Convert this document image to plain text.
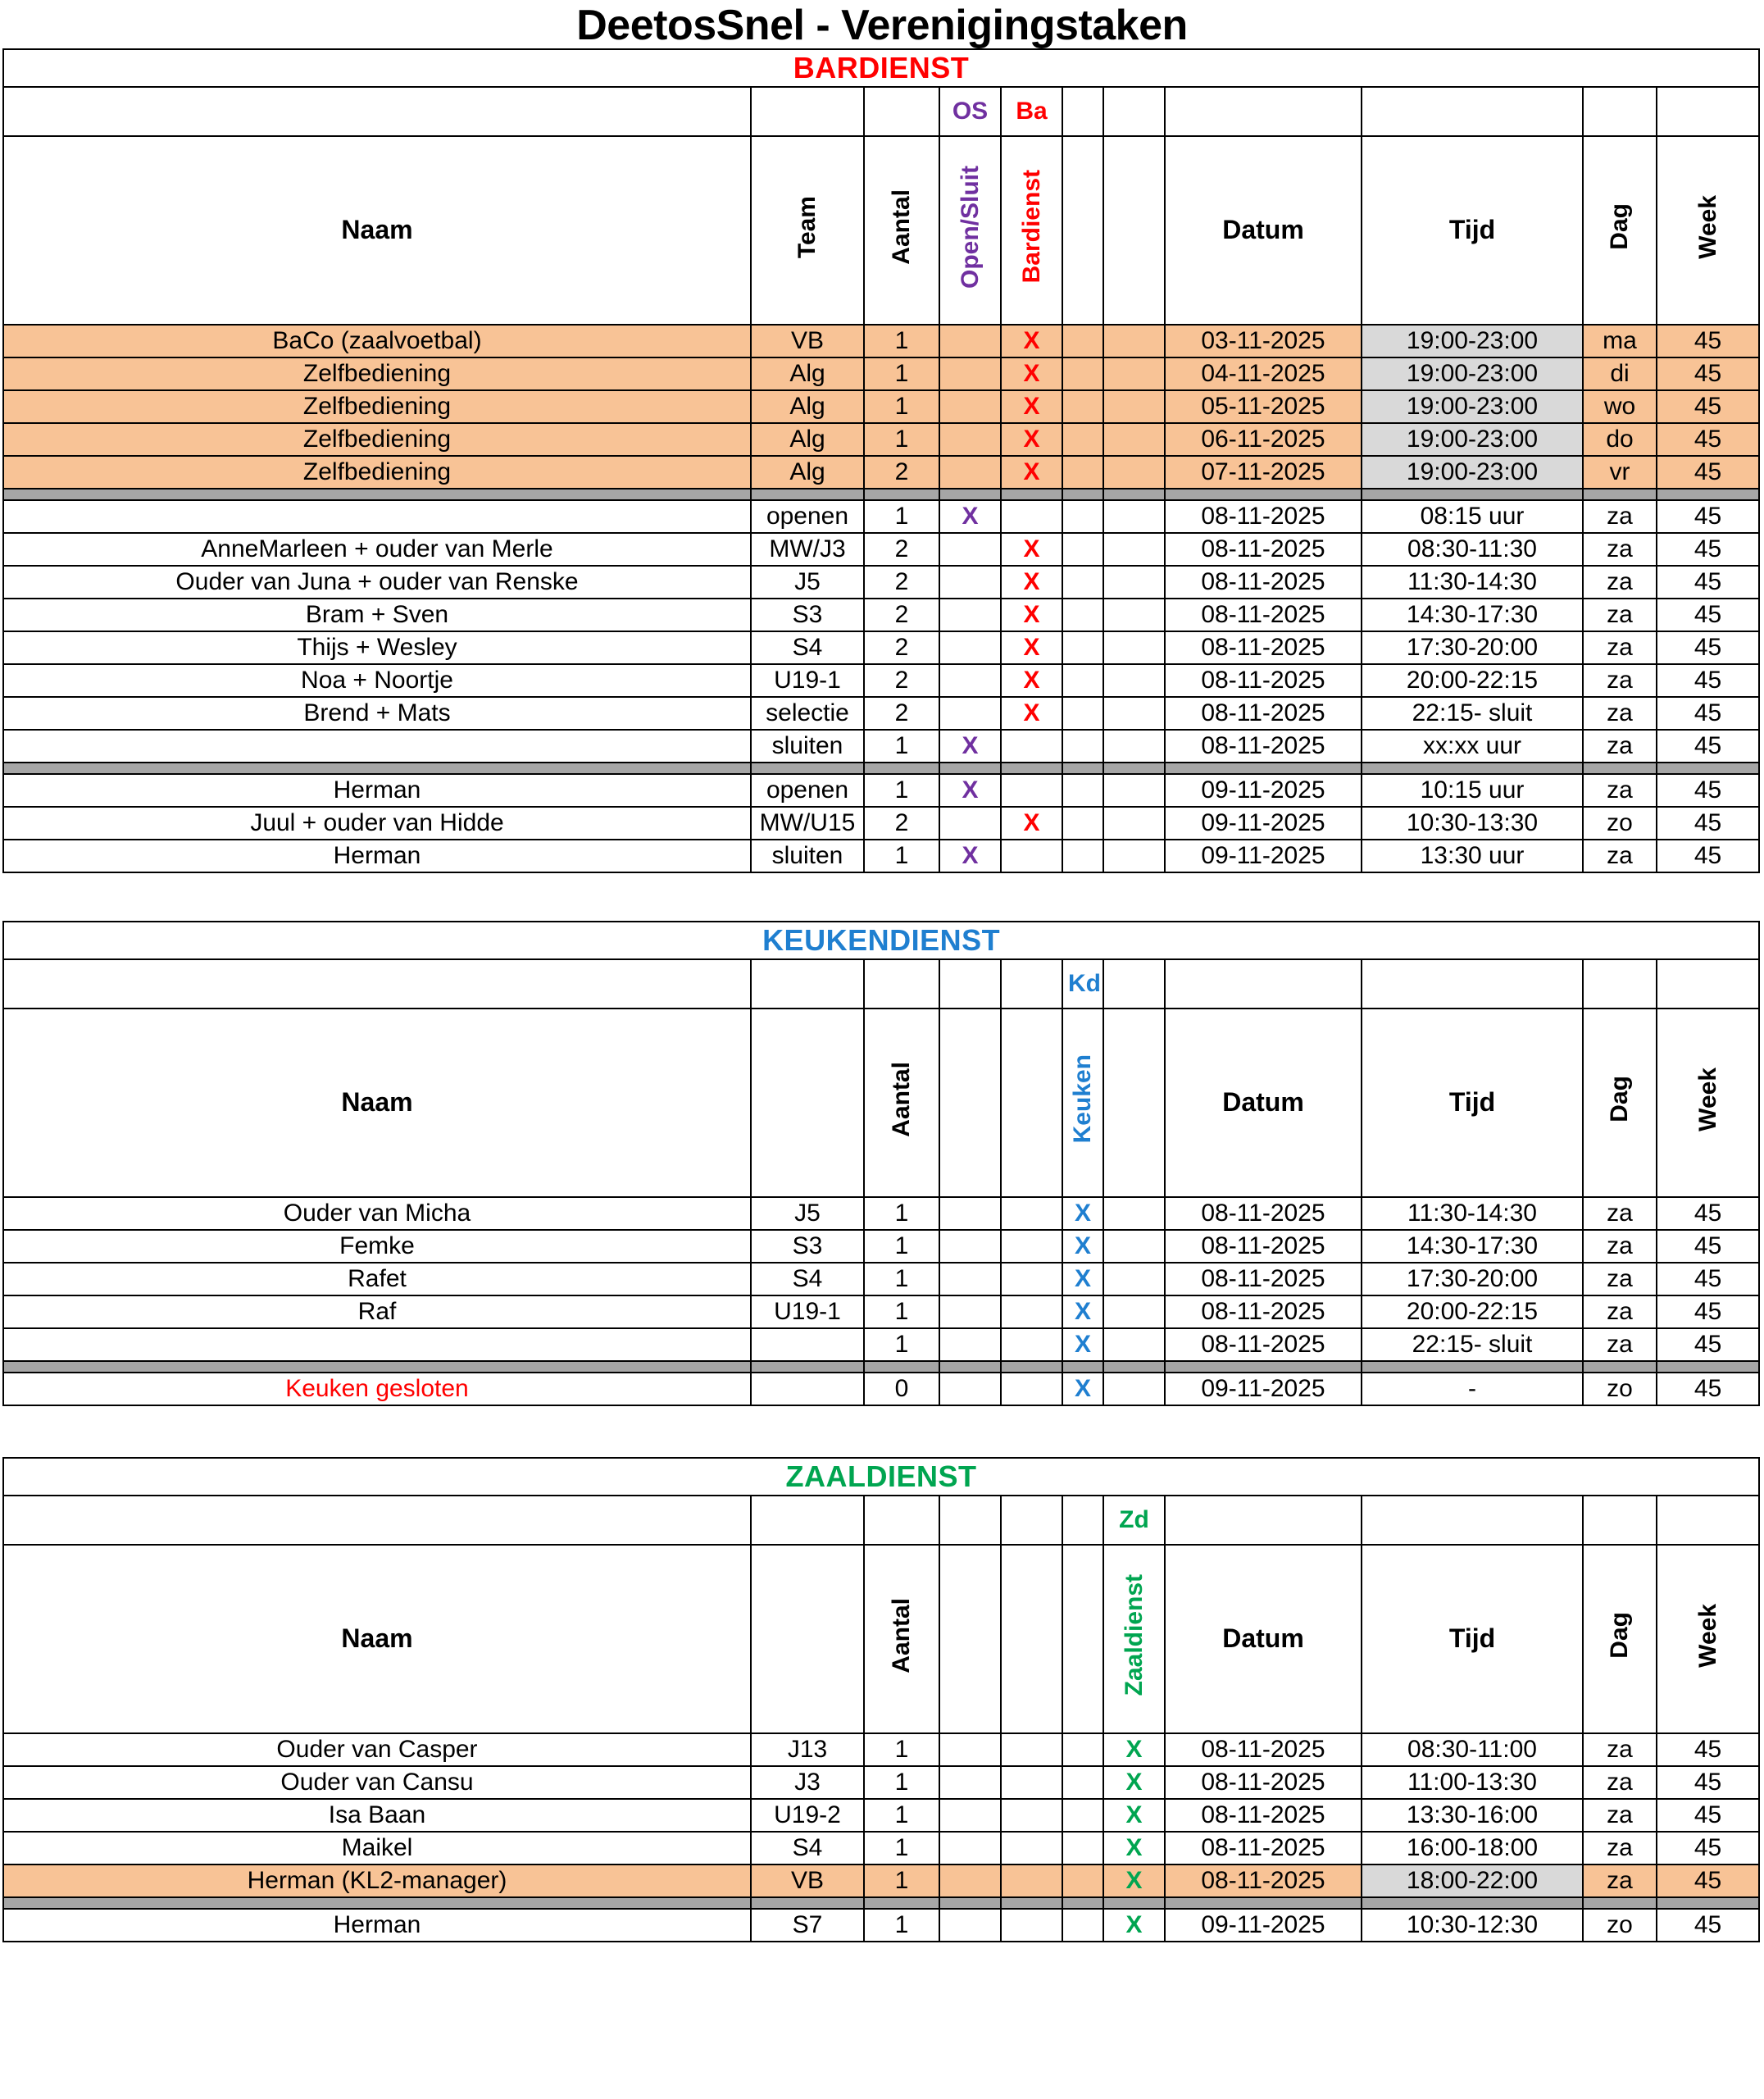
DeetosSnel - Verenigingstaken
BARDIENST										
			OS	Ba						
Naam	Team	Aantal	Open/Sluit	Bardienst			Datum	Tijd	Dag	Week
BaCo (zaalvoetbal)	VB	1		X			03-11-2025	19:00-23:00	ma	45
Zelfbediening	Alg	1		X			04-11-2025	19:00-23:00	di	45
Zelfbediening	Alg	1		X			05-11-2025	19:00-23:00	wo	45
Zelfbediening	Alg	1		X			06-11-2025	19:00-23:00	do	45
Zelfbediening	Alg	2		X			07-11-2025	19:00-23:00	vr	45

	openen	1	X				08-11-2025	08:15 uur	za	45
AnneMarleen + ouder van Merle	MW/J3	2		X			08-11-2025	08:30-11:30	za	45
Ouder van Juna + ouder van Renske	J5	2		X			08-11-2025	11:30-14:30	za	45
Bram + Sven	S3	2		X			08-11-2025	14:30-17:30	za	45
Thijs + Wesley	S4	2		X			08-11-2025	17:30-20:00	za	45
Noa + Noortje	U19-1	2		X			08-11-2025	20:00-22:15	za	45
Brend + Mats	selectie	2		X			08-11-2025	22:15- sluit	za	45
	sluiten	1	X				08-11-2025	xx:xx uur	za	45

Herman	openen	1	X				09-11-2025	10:15 uur	za	45
Juul + ouder van Hidde	MW/U15	2		X			09-11-2025	10:30-13:30	zo	45
Herman	sluiten	1	X				09-11-2025	13:30 uur	za	45
KEUKENDIENST										
					Kd					
Naam		Aantal			Keuken		Datum	Tijd	Dag	Week
Ouder van Micha	J5	1			X		08-11-2025	11:30-14:30	za	45
Femke	S3	1			X		08-11-2025	14:30-17:30	za	45
Rafet	S4	1			X		08-11-2025	17:30-20:00	za	45
Raf	U19-1	1			X		08-11-2025	20:00-22:15	za	45
		1			X		08-11-2025	22:15- sluit	za	45

Keuken gesloten		0			X		09-11-2025	-	zo	45
ZAALDIENST										
						Zd				
Naam		Aantal				Zaaldienst	Datum	Tijd	Dag	Week
Ouder van Casper	J13	1				X	08-11-2025	08:30-11:00	za	45
Ouder van Cansu	J3	1				X	08-11-2025	11:00-13:30	za	45
Isa Baan	U19-2	1				X	08-11-2025	13:30-16:00	za	45
Maikel	S4	1				X	08-11-2025	16:00-18:00	za	45
Herman (KL2-manager)	VB	1				X	08-11-2025	18:00-22:00	za	45

Herman	S7	1				X	09-11-2025	10:30-12:30	zo	45
